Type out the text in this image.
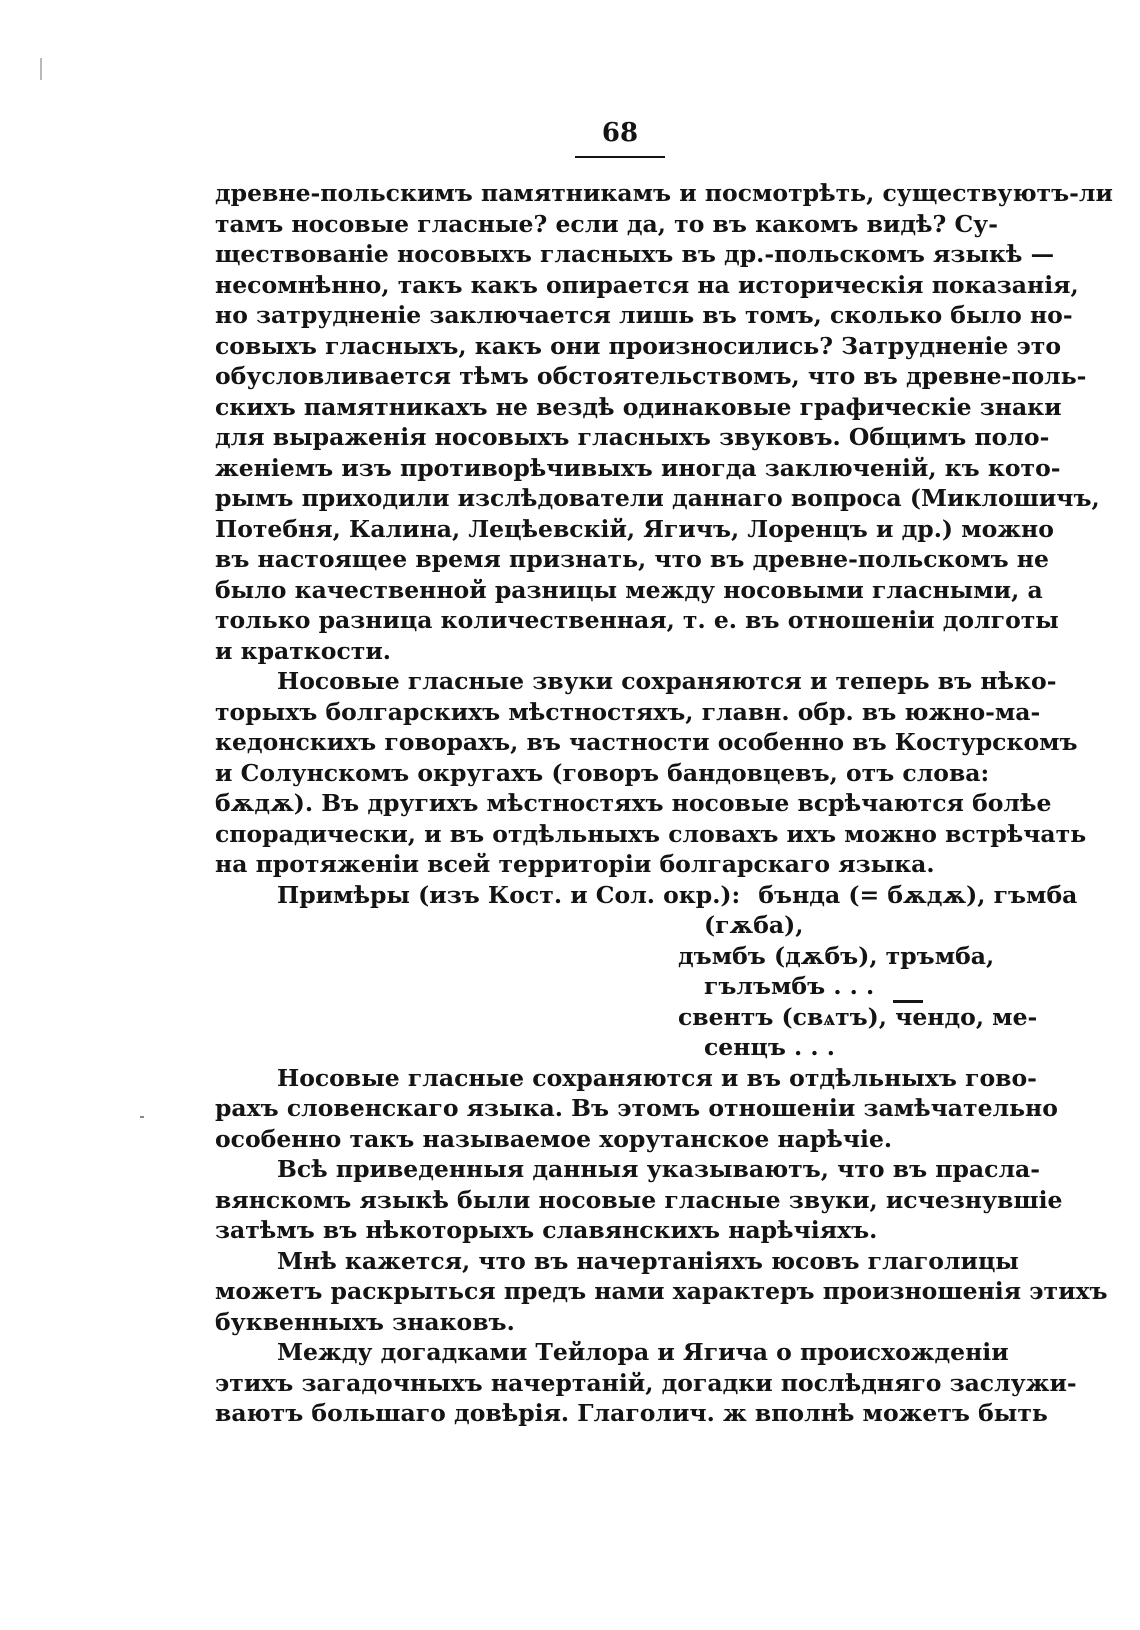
68
древне-польскимъ памятникамъ и посмотрѣть, существуютъ-ли
тамъ носовые гласные? если да, то въ какомъ видѣ? Су-
ществованіе носовыхъ гласныхъ въ др.-польскомъ языкѣ —
несомнѣнно, такъ какъ опирается на историческія показанія,
но затрудненіе заключается лишь въ томъ, сколько было но-
совыхъ гласныхъ, какъ они произносились? Затрудненіе это
обусловливается тѣмъ обстоятельствомъ, что въ древне-поль-
скихъ памятникахъ не вездѣ одинаковые графическіе знаки
для выраженія носовыхъ гласныхъ звуковъ. Общимъ поло-
женіемъ изъ противорѣчивыхъ иногда заключеній, къ кото-
рымъ приходили изслѣдователи даннаго вопроса (Миклошичъ,
Потебня, Калина, Лецѣевскій, Ягичъ, Лоренцъ и др.) можно
въ настоящее время признать, что въ древне-польскомъ не
было качественной разницы между носовыми гласными, а
только разница количественная, т. е. въ отношеніи долготы
и краткости.
Носовые гласные звуки сохраняются и теперь въ нѣко-
торыхъ болгарскихъ мѣстностяхъ, главн. обр. въ южно-ма-
кедонскихъ говорахъ, въ частности особенно въ Костурскомъ
и Солунскомъ округахъ (говоръ бандовцевъ, отъ слова:
бѫдѫ). Въ другихъ мѣстностяхъ носовые всрѣчаются болѣе
спорадически, и въ отдѣльныхъ словахъ ихъ можно встрѣчать
на протяженіи всей территоріи болгарскаго языка.
Примѣры (изъ Кост. и Сол. окр.): бънда (= бѫдѫ), гъмба
(гѫба),
дъмбъ (дѫбъ), тръмба,
гълъмбъ . . .
свентъ (свѧтъ), чендо, ме-
сенцъ . . .
Носовые гласные сохраняются и въ отдѣльныхъ гово-
рахъ словенскаго языка. Въ этомъ отношеніи замѣчательно
особенно такъ называемое хорутанское нарѣчіе.
Всѣ приведенныя данныя указываютъ, что въ прасла-
вянскомъ языкѣ были носовые гласные звуки, исчезнувшіе
затѣмъ въ нѣкоторыхъ славянскихъ нарѣчіяхъ.
Мнѣ кажется, что въ начертаніяхъ юсовъ глаголицы
можетъ раскрыться предъ нами характеръ произношенія этихъ
буквенныхъ знаковъ.
Между догадками Тейлора и Ягича о происхожденіи
этихъ загадочныхъ начертаній, догадки послѣдняго заслужи-
ваютъ большаго довѣрія. Глаголич. ж вполнѣ можетъ быть
